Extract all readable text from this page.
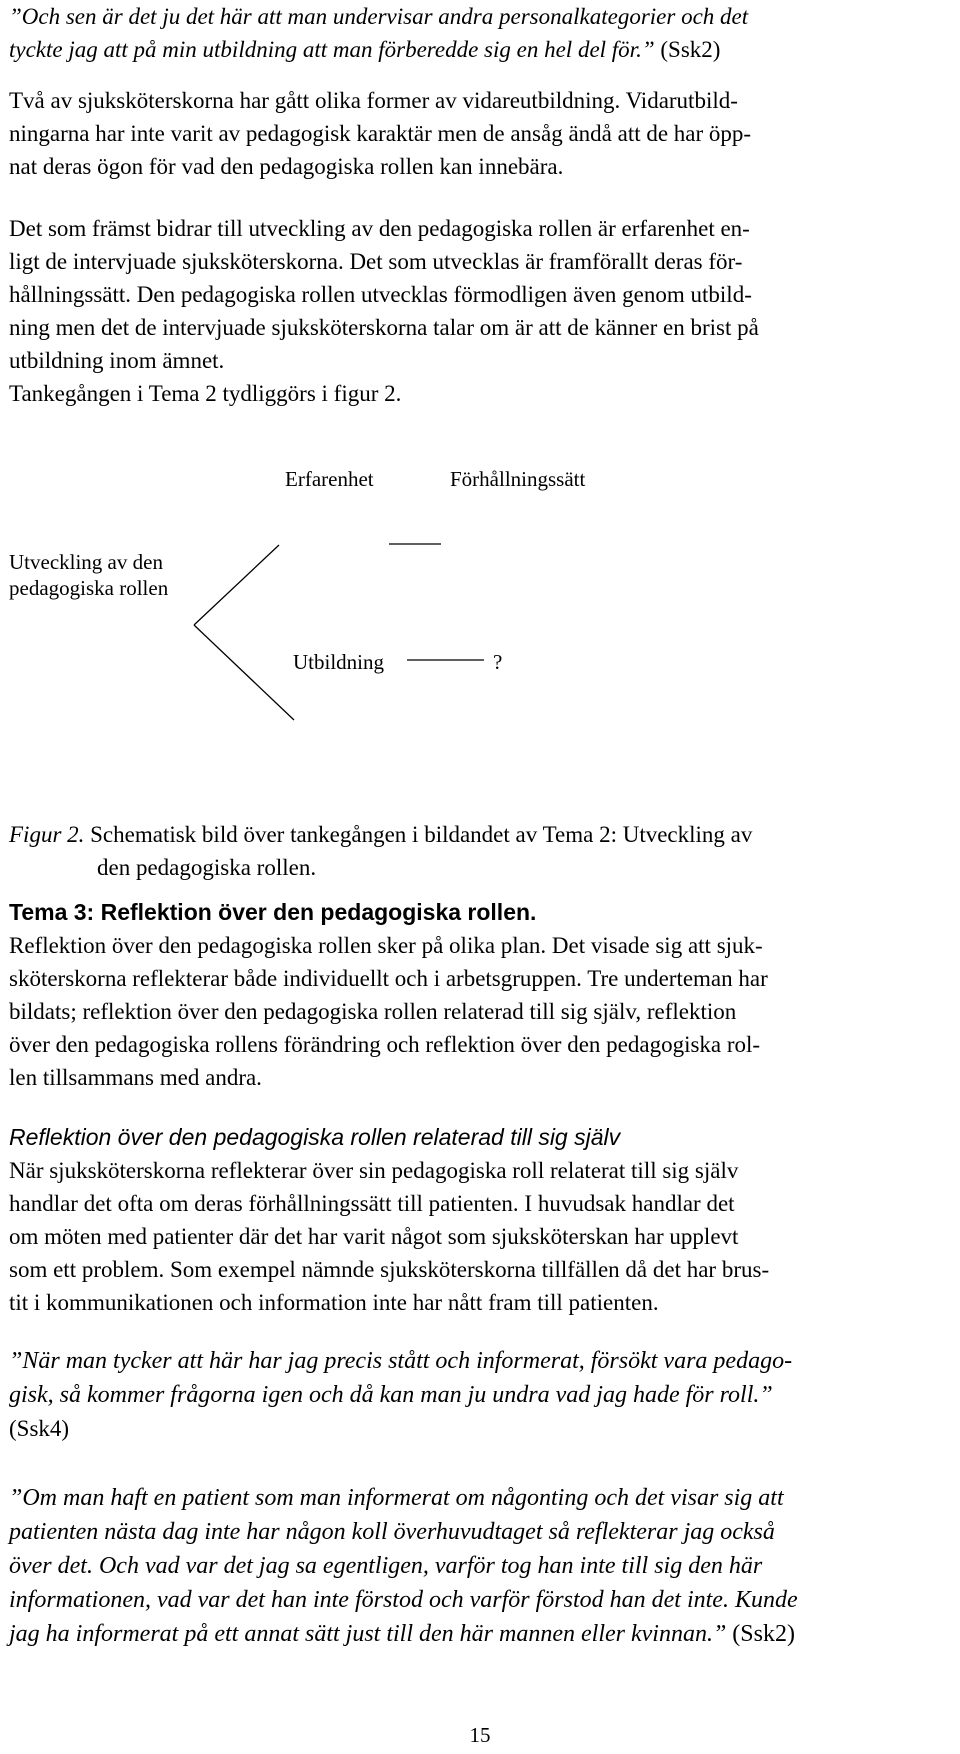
”Och sen är det ju det här att man undervisar andra personalkategorier och det

tyckte jag att på min utbildning att man förberedde sig en hel del för.” (Ssk2)

Två av sjuksköterskorna har gått olika former av vidareutbildning. Vidarutbild-

ningarna har inte varit av pedagogisk karaktär men de ansåg ändå att de har öpp-

nat deras ögon för vad den pedagogiska rollen kan innebära.

Det som främst bidrar till utveckling av den pedagogiska rollen är erfarenhet en-

ligt de intervjuade sjuksköterskorna. Det som utvecklas är framförallt deras för-

hållningssätt. Den pedagogiska rollen utvecklas förmodligen även genom utbild-

ning men det de intervjuade sjuksköterskorna talar om är att de känner en brist på

utbildning inom ämnet.

Tankegången i Tema 2 tydliggörs i figur 2.

Utveckling av den
pedagogiska rollen
Erfarenhet	Förhållningssätt
Utbildning	?

Figur 2. Schematisk bild över tankegången i bildandet av Tema 2: Utveckling av

den pedagogiska rollen.

Tema 3: Reflektion över den pedagogiska rollen.

Reflektion över den pedagogiska rollen sker på olika plan. Det visade sig att sjuk-

sköterskorna reflekterar både individuellt och i arbetsgruppen. Tre underteman har

bildats; reflektion över den pedagogiska rollen relaterad till sig själv, reflektion

över den pedagogiska rollens förändring och reflektion över den pedagogiska rol-

len tillsammans med andra.

Reflektion över den pedagogiska rollen relaterad till sig själv

När sjuksköterskorna reflekterar över sin pedagogiska roll relaterat till sig själv

handlar det ofta om deras förhållningssätt till patienten. I huvudsak handlar det

om möten med patienter där det har varit något som sjuksköterskan har upplevt

som ett problem. Som exempel nämnde sjuksköterskorna tillfällen då det har brus-

tit i kommunikationen och information inte har nått fram till patienten.

”När man tycker att här har jag precis stått och informerat, försökt vara pedago-

gisk, så kommer frågorna igen och då kan man ju undra vad jag hade för roll.”

(Ssk4)

”Om man haft en patient som man informerat om någonting och det visar sig att

patienten nästa dag inte har någon koll överhuvudtaget så reflekterar jag också

över det. Och vad var det jag sa egentligen, varför tog han inte till sig den här

informationen, vad var det han inte förstod och varför förstod han det inte. Kunde

jag ha informerat på ett annat sätt just till den här mannen eller kvinnan.” (Ssk2)

15
